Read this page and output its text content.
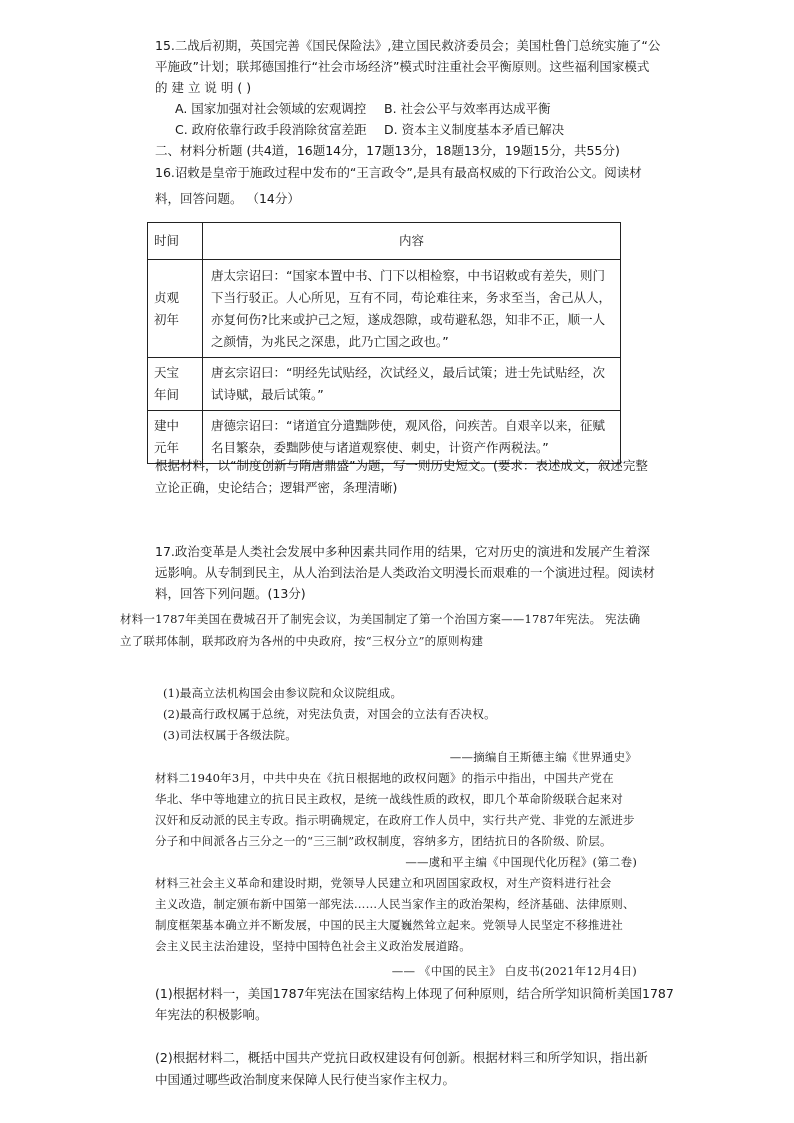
15.二战后初期，英国完善《国民保险法》,建立国民救济委员会；美国杜鲁门总统实施了“公
平施政”计划；联邦德国推行“社会市场经济”模式时注重社会平衡原则。这些福利国家模式
的 建 立 说 明 ( )
A. 国家加强对社会领域的宏观调控 B. 社会公平与效率再达成平衡
C. 政府依靠行政手段消除贫富差距 D. 资本主义制度基本矛盾已解决
二、材料分析题 (共4道，16题14分，17题13分，18题13分，19题15分，共55分)
16.诏敕是皇帝于施政过程中发布的“王言政令”,是具有最高权威的下行政治公文。阅读材
料，回答问题。 （14分）
时间	内容
贞观
初年	唐太宗诏曰：“国家本置中书、门下以相检察，中书诏敕或有差失，则门下当行驳正。人心所见，互有不同，苟论难往来，务求至当，舍己从人，亦复何伤?比来或护己之短，遂成怨隙，或苟避私怨，知非不正，顺一人之颜情，为兆民之深患，此乃亡国之政也。”
天宝
年间	唐玄宗诏曰：“明经先试贴经，次试经义，最后试策；进士先试贴经，次试诗赋，最后试策。”
建中
元年	唐德宗诏曰：“诸道宜分遣黜陟使，观风俗，问疾苦。自艰辛以来，征赋名目繁杂，委黜陟使与诸道观察使、刺史，计资产作两税法。”
根据材料，以“制度创新与隋唐鼎盛”为题，写一则历史短文。(要求：表述成文，叙述完整
立论正确，史论结合；逻辑严密，条理清晰)
17.政治变革是人类社会发展中多种因素共同作用的结果，它对历史的演进和发展产生着深
远影响。从专制到民主，从人治到法治是人类政治文明漫长而艰难的一个演进过程。阅读材
料，回答下列问题。(13分)
材料一1787年美国在费城召开了制宪会议，为美国制定了第一个治国方案——1787年宪法。 宪法确
立了联邦体制，联邦政府为各州的中央政府，按“三权分立”的原则构建
(1)最高立法机构国会由参议院和众议院组成。
(2)最高行政权属于总统，对宪法负责，对国会的立法有否决权。
(3)司法权属于各级法院。
——摘编自王斯德主编《世界通史》
材料二1940年3月，中共中央在《抗日根据地的政权问题》的指示中指出，中国共产党在
华北、华中等地建立的抗日民主政权，是统一战线性质的政权，即几个革命阶级联合起来对
汉奸和反动派的民主专政。指示明确规定，在政府工作人员中，实行共产党、非党的左派进步
分子和中间派各占三分之一的“三三制”政权制度，容纳多方，团结抗日的各阶级、阶层。
——虞和平主编《中国现代化历程》(第二卷)
材料三社会主义革命和建设时期，党领导人民建立和巩固国家政权，对生产资料进行社会
主义改造，制定颁布新中国第一部宪法……人民当家作主的政治架构，经济基础、法律原则、
制度框架基本确立并不断发展，中国的民主大厦巍然耸立起来。党领导人民坚定不移推进社
会主义民主法治建设，坚持中国特色社会主义政治发展道路。
—— 《中国的民主》 白皮书(2021年12月4日)
(1)根据材料一，美国1787年宪法在国家结构上体现了何种原则，结合所学知识简析美国1787
年宪法的积极影响。
(2)根据材料二，概括中国共产党抗日政权建设有何创新。根据材料三和所学知识，指出新
中国通过哪些政治制度来保障人民行使当家作主权力。
